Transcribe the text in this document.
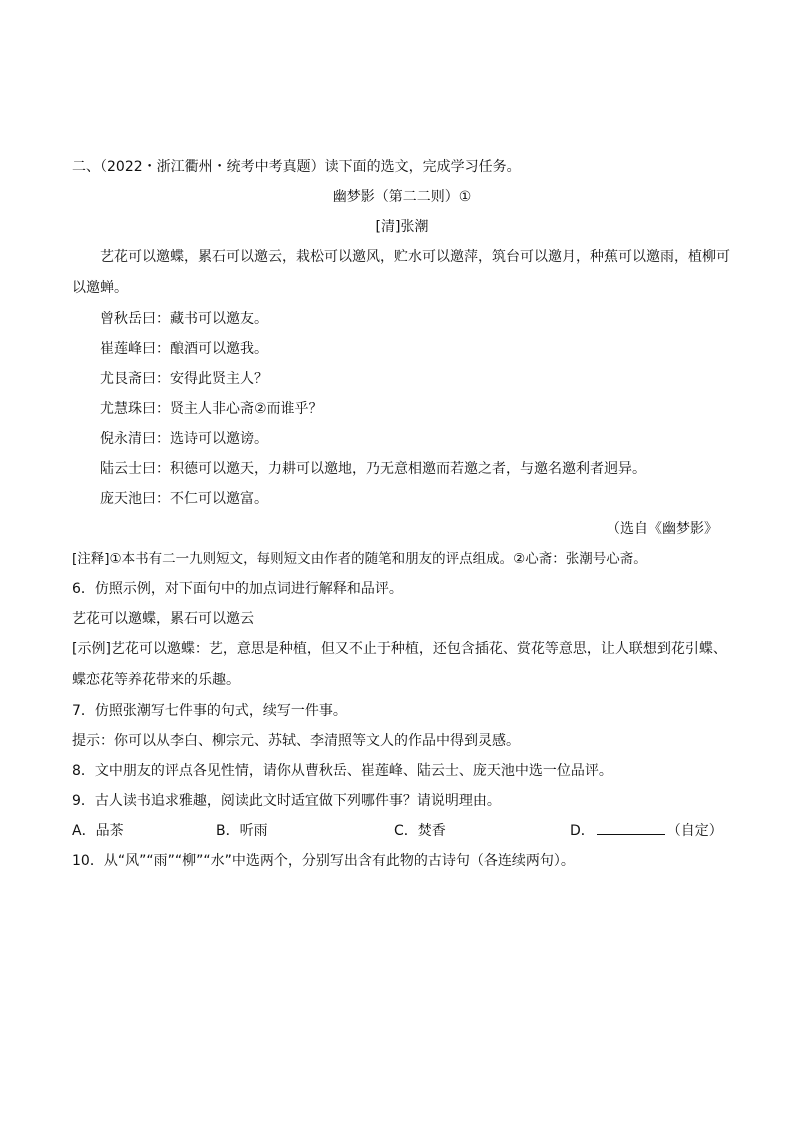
二、（2022・浙江衢州・统考中考真题）读下面的选文，完成学习任务。
幽梦影（第二二则）①
[清]张潮
艺花可以邀蝶，累石可以邀云，栽松可以邀风，贮水可以邀萍，筑台可以邀月，种蕉可以邀雨，植柳可以邀蝉。
曾秋岳曰：藏书可以邀友。
崔莲峰曰：酿酒可以邀我。
尤艮斋曰：安得此贤主人？
尤慧珠曰：贤主人非心斋②而谁乎？
倪永清曰：选诗可以邀谤。
陆云士曰：积德可以邀天，力耕可以邀地，乃无意相邀而若邀之者，与邀名邀利者迥异。
庞天池曰：不仁可以邀富。
（选自《幽梦影》
[注释]①本书有二一九则短文，每则短文由作者的随笔和朋友的评点组成。②心斋：张潮号心斋。
6．仿照示例，对下面句中的加点词进行解释和品评。
艺花可以邀蝶，累石可以邀云
[示例]艺花可以邀蝶：艺，意思是种植，但又不止于种植，还包含插花、赏花等意思，让人联想到花引蝶、蝶恋花等养花带来的乐趣。
7．仿照张潮写七件事的句式，续写一件事。
提示：你可以从李白、柳宗元、苏轼、李清照等文人的作品中得到灵感。
8．文中朋友的评点各见性情，请你从曹秋岳、崔莲峰、陆云士、庞天池中选一位品评。
9．古人读书追求雅趣，阅读此文时适宜做下列哪件事？请说明理由。
A．品茶	B．听雨	C．焚香	D．	（自定）
10．从“风”“雨”“柳”“水”中选两个，分别写出含有此物的古诗句（各连续两句）。
